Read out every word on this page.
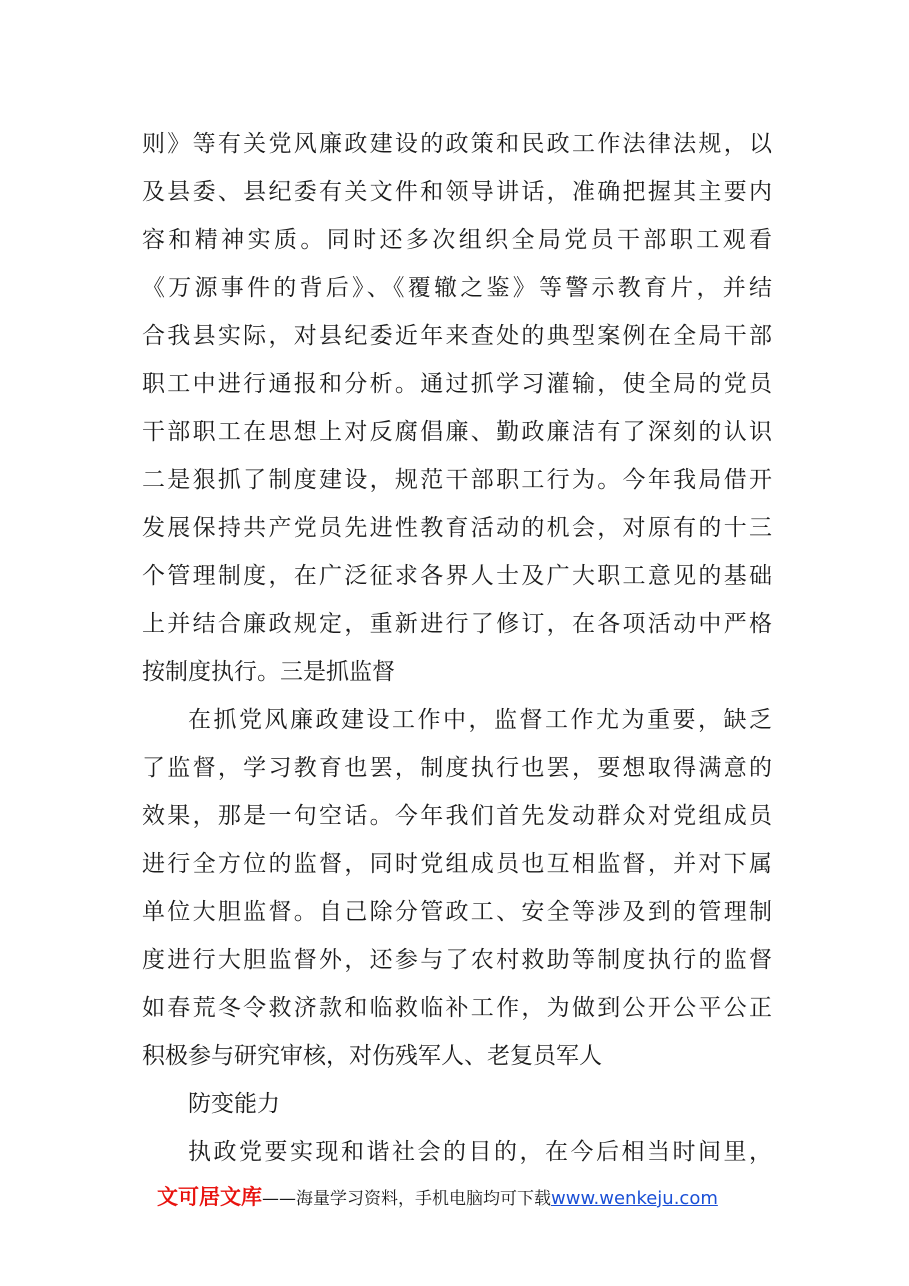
则》等有关党风廉政建设的政策和民政工作法律法规，以
及县委、县纪委有关文件和领导讲话，准确把握其主要内
容和精神实质。同时还多次组织全局党员干部职工观看
《万源事件的背后》、《覆辙之鉴》等警示教育片，并结
合我县实际，对县纪委近年来查处的典型案例在全局干部
职工中进行通报和分析。通过抓学习灌输，使全局的党员
干部职工在思想上对反腐倡廉、勤政廉洁有了深刻的认识
二是狠抓了制度建设，规范干部职工行为。今年我局借开
发展保持共产党员先进性教育活动的机会，对原有的十三
个管理制度，在广泛征求各界人士及广大职工意见的基础
上并结合廉政规定，重新进行了修订，在各项活动中严格
按制度执行。三是抓监督
在抓党风廉政建设工作中，监督工作尤为重要，缺乏
了监督，学习教育也罢，制度执行也罢，要想取得满意的
效果，那是一句空话。今年我们首先发动群众对党组成员
进行全方位的监督，同时党组成员也互相监督，并对下属
单位大胆监督。自己除分管政工、安全等涉及到的管理制
度进行大胆监督外，还参与了农村救助等制度执行的监督
如春荒冬令救济款和临救临补工作，为做到公开公平公正
积极参与研究审核，对伤残军人、老复员军人
防变能力
执政党要实现和谐社会的目的，在今后相当时间里，
文可居文库——海量学习资料，手机电脑均可下载www.wenkeju.com
